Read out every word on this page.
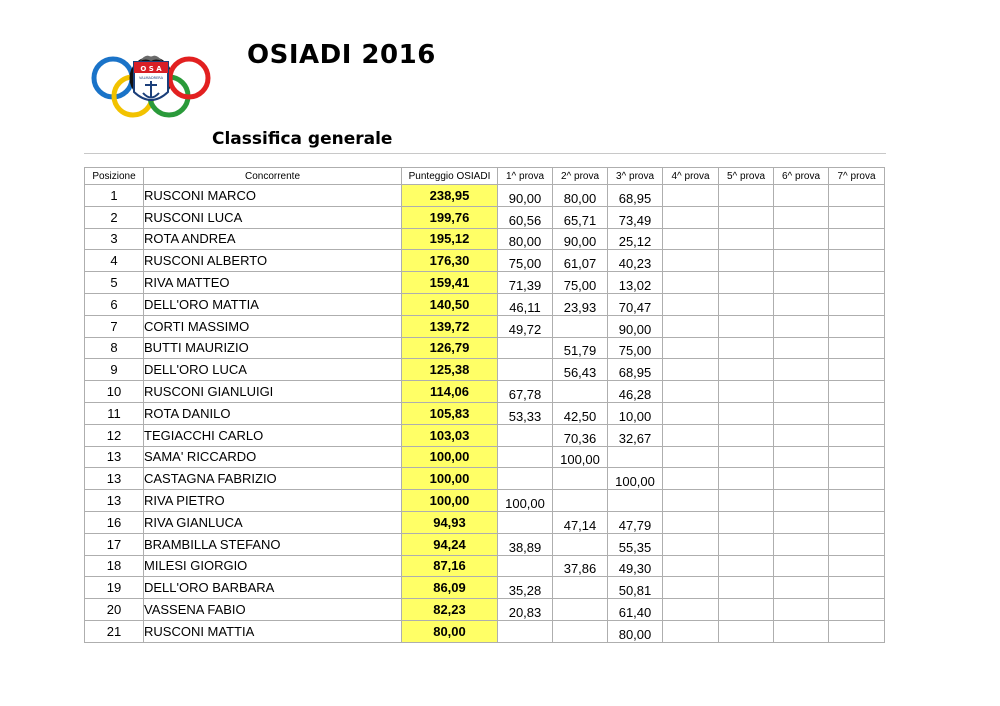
O S A
VALMADRERA
OSIADI 2016
Classifica generale
Posizione	Concorrente	Punteggio OSIADI	1^ prova	2^ prova	3^ prova	4^ prova	5^ prova	6^ prova	7^ prova
1	RUSCONI MARCO	238,95	90,00	80,00	68,95				
2	RUSCONI LUCA	199,76	60,56	65,71	73,49				
3	ROTA ANDREA	195,12	80,00	90,00	25,12				
4	RUSCONI ALBERTO	176,30	75,00	61,07	40,23				
5	RIVA MATTEO	159,41	71,39	75,00	13,02				
6	DELL'ORO MATTIA	140,50	46,11	23,93	70,47				
7	CORTI MASSIMO	139,72	49,72		90,00				
8	BUTTI MAURIZIO	126,79		51,79	75,00				
9	DELL'ORO LUCA	125,38		56,43	68,95				
10	RUSCONI GIANLUIGI	114,06	67,78		46,28				
11	ROTA DANILO	105,83	53,33	42,50	10,00				
12	TEGIACCHI CARLO	103,03		70,36	32,67				
13	SAMA' RICCARDO	100,00		100,00					
13	CASTAGNA FABRIZIO	100,00			100,00				
13	RIVA PIETRO	100,00	100,00						
16	RIVA GIANLUCA	94,93		47,14	47,79				
17	BRAMBILLA STEFANO	94,24	38,89		55,35				
18	MILESI GIORGIO	87,16		37,86	49,30				
19	DELL'ORO BARBARA	86,09	35,28		50,81				
20	VASSENA FABIO	82,23	20,83		61,40				
21	RUSCONI MATTIA	80,00			80,00				
